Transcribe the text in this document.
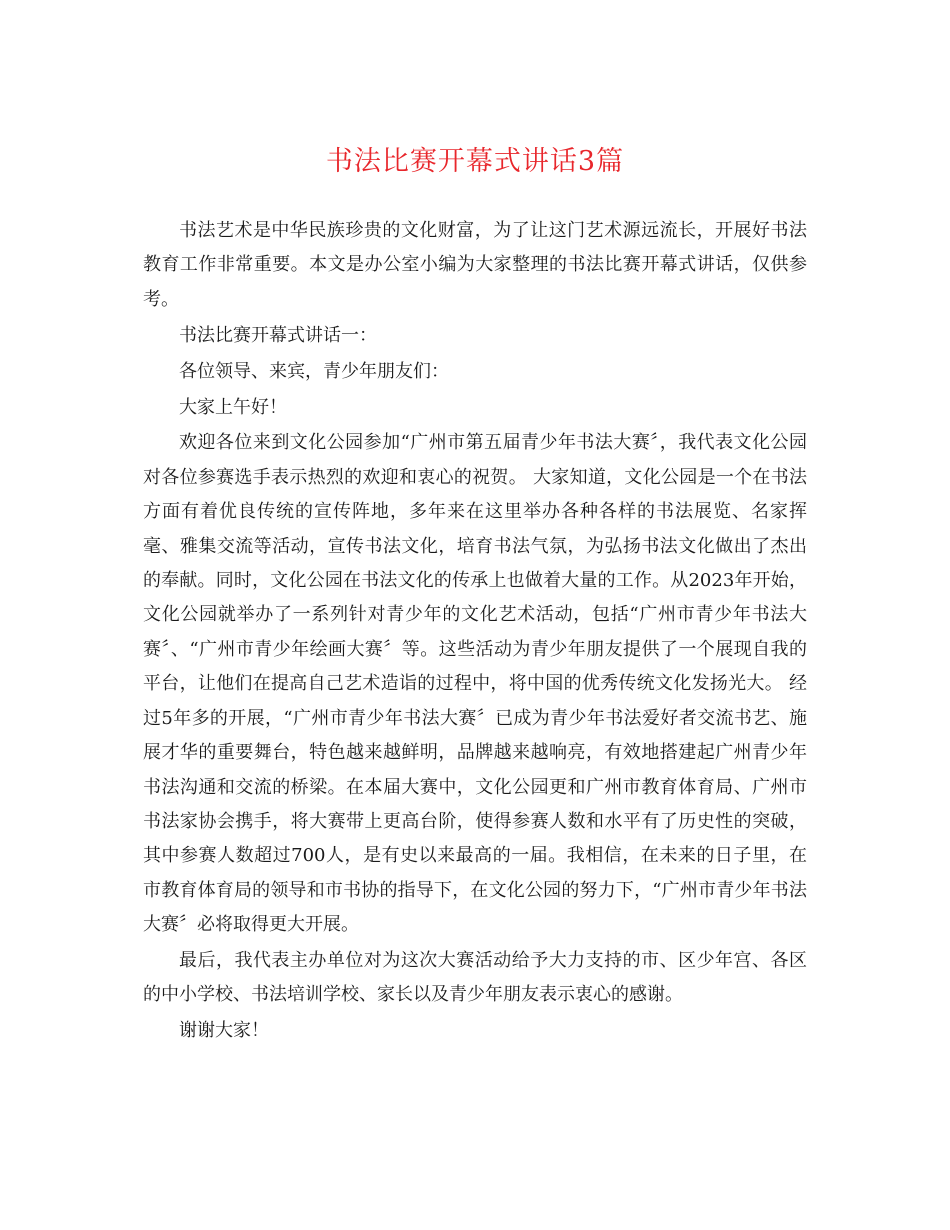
书法比赛开幕式讲话3篇

书法艺术是中华民族珍贵的文化财富，为了让这门艺术源远流长，开展好书法教育工作非常重要。本文是办公室小编为大家整理的书法比赛开幕式讲话，仅供参考。

书法比赛开幕式讲话一：

各位领导、来宾，青少年朋友们：

大家上午好！

欢迎各位来到文化公园参加“广州市第五届青少年书法大赛〞，我代表文化公园对各位参赛选手表示热烈的欢迎和衷心的祝贺。 大家知道，文化公园是一个在书法方面有着优良传统的宣传阵地，多年来在这里举办各种各样的书法展览、名家挥毫、雅集交流等活动，宣传书法文化，培育书法气氛，为弘扬书法文化做出了杰出的奉献。同时，文化公园在书法文化的传承上也做着大量的工作。从2023年开始，文化公园就举办了一系列针对青少年的文化艺术活动，包括“广州市青少年书法大赛〞、“广州市青少年绘画大赛〞等。这些活动为青少年朋友提供了一个展现自我的平台，让他们在提高自己艺术造诣的过程中，将中国的优秀传统文化发扬光大。 经过5年多的开展，“广州市青少年书法大赛〞已成为青少年书法爱好者交流书艺、施展才华的重要舞台，特色越来越鲜明，品牌越来越响亮，有效地搭建起广州青少年书法沟通和交流的桥梁。在本届大赛中，文化公园更和广州市教育体育局、广州市书法家协会携手，将大赛带上更高台阶，使得参赛人数和水平有了历史性的突破，其中参赛人数超过700人，是有史以来最高的一届。我相信，在未来的日子里，在市教育体育局的领导和市书协的指导下，在文化公园的努力下，“广州市青少年书法大赛〞必将取得更大开展。

最后，我代表主办单位对为这次大赛活动给予大力支持的市、区少年宫、各区的中小学校、书法培训学校、家长以及青少年朋友表示衷心的感谢。

谢谢大家！
